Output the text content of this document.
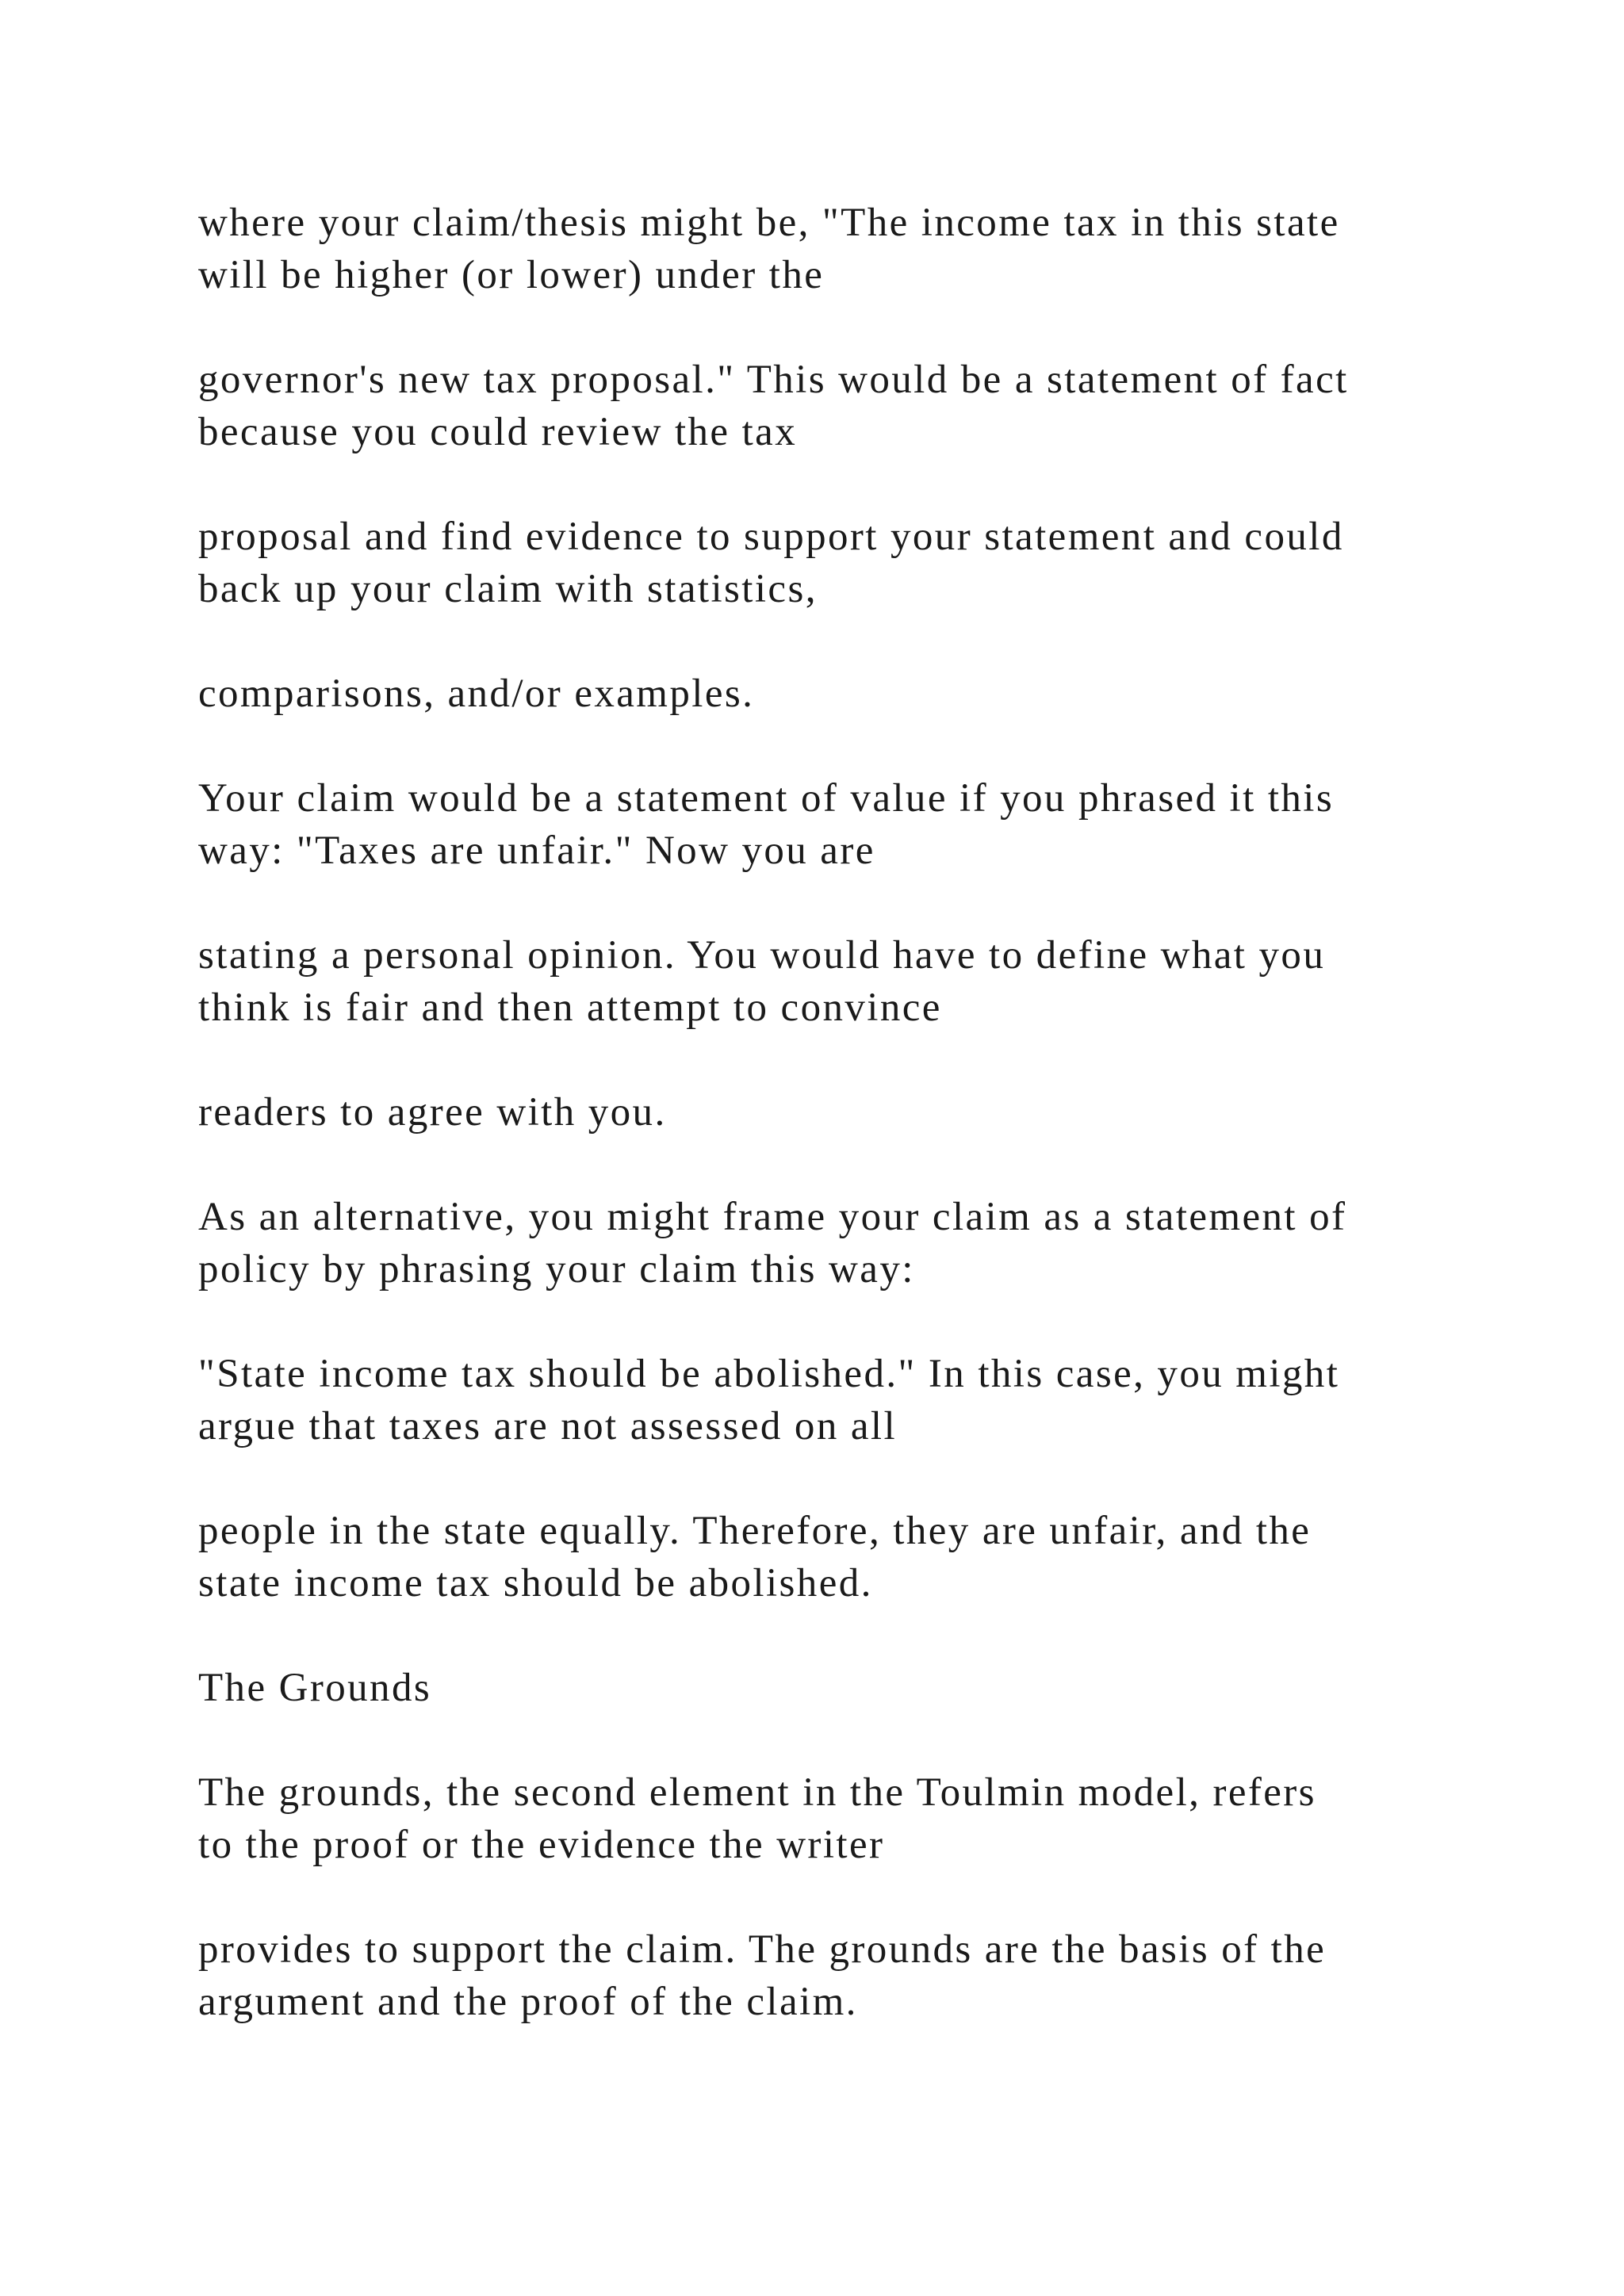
where your claim/thesis might be, "The income tax in this state
will be higher (or lower) under the

governor's new tax proposal." This would be a statement of fact
because you could review the tax

proposal and find evidence to support your statement and could
back up your claim with statistics,

comparisons, and/or examples.

Your claim would be a statement of value if you phrased it this
way: "Taxes are unfair." Now you are

stating a personal opinion. You would have to define what you
think is fair and then attempt to convince

readers to agree with you.

As an alternative, you might frame your claim as a statement of
policy by phrasing your claim this way:

"State income tax should be abolished." In this case, you might
argue that taxes are not assessed on all

people in the state equally. Therefore, they are unfair, and the
state income tax should be abolished.

The Grounds

The grounds, the second element in the Toulmin model, refers
to the proof or the evidence the writer

provides to support the claim. The grounds are the basis of the
argument and the proof of the claim.
